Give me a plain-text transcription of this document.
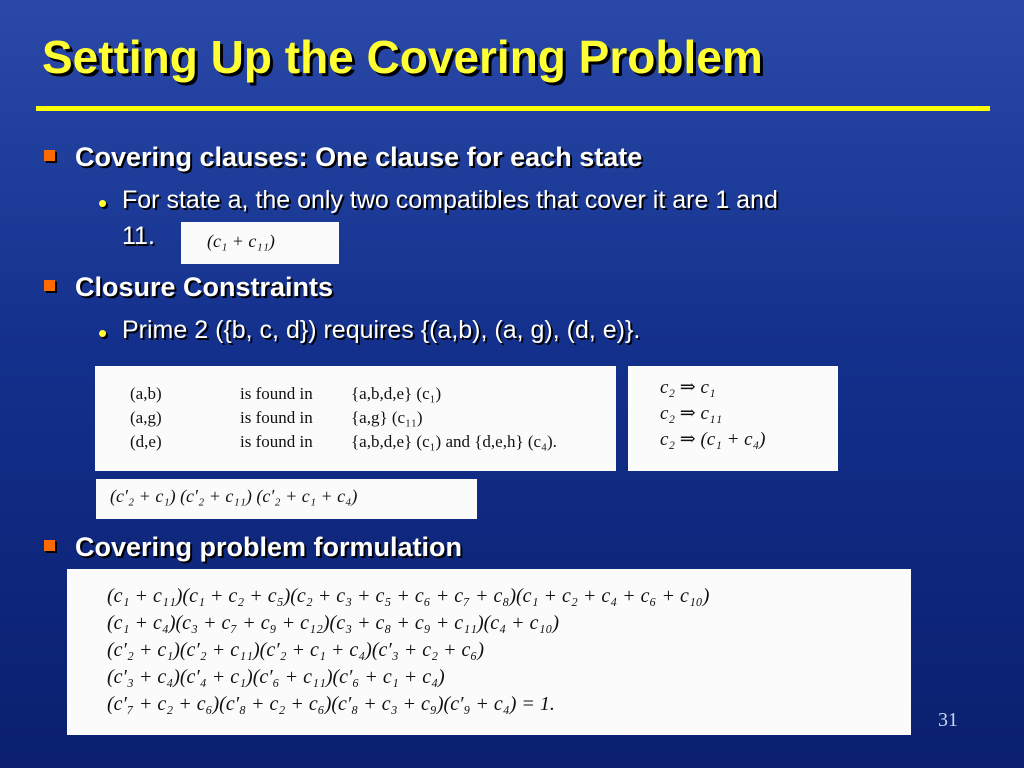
Setting Up the Covering Problem
Covering clauses: One clause for each state
• For state a, the only two compatibles that cover it are 1 and
11.	(c₁ + c₁₁)
Closure Constraints
• Prime 2 ({b, c, d}) requires {(a,b), (a, g), (d, e)}.
(a,b)	is found in {a,b,d,e} (c₁)
(a,g)	is found in {a,g} (c₁₁)
(d,e)	is found in {a,b,d,e} (c₁) and {d,e,h} (c₄).
c₂ ⇒ c₁
c₂ ⇒ c₁₁
c₂ ⇒ (c₁ + c₄)
(c′₂ + c₁) (c′₂ + c₁₁) (c′₂ + c₁ + c₄)
Covering problem formulation
(c₁ + c₁₁)(c₁ + c₂ + c₅)(c₂ + c₃ + c₅ + c₆ + c₇ + c₈)(c₁ + c₂ + c₄ + c₆ + c₁₀)
(c₁ + c₄)(c₃ + c₇ + c₉ + c₁₂)(c₃ + c₈ + c₉ + c₁₁)(c₄ + c₁₀)
(c′₂ + c₁)(c′₂ + c₁₁)(c′₂ + c₁ + c₄)(c′₃ + c₂ + c₆)
(c′₃ + c₄)(c′₄ + c₁)(c′₆ + c₁₁)(c′₆ + c₁ + c₄)
(c′₇ + c₂ + c₆)(c′₈ + c₂ + c₆)(c′₈ + c₃ + c₉)(c′₉ + c₄) = 1.
31
